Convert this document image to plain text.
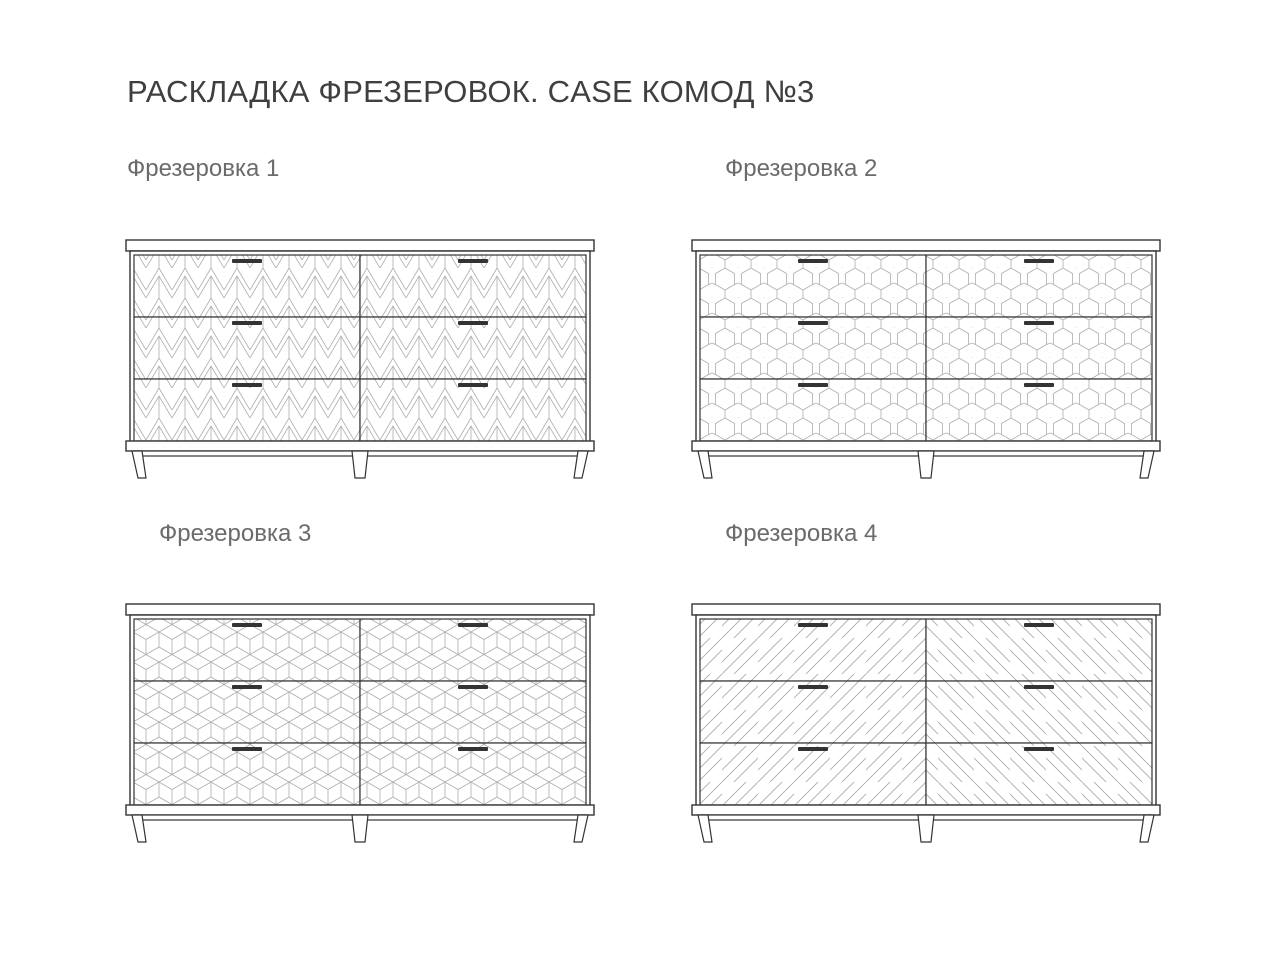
РАСКЛАДКА ФРЕЗЕРОВОК. CASE КОМОД №3
Фрезеровка 1	Фрезеровка 2
Фрезеровка 3	Фрезеровка 4
